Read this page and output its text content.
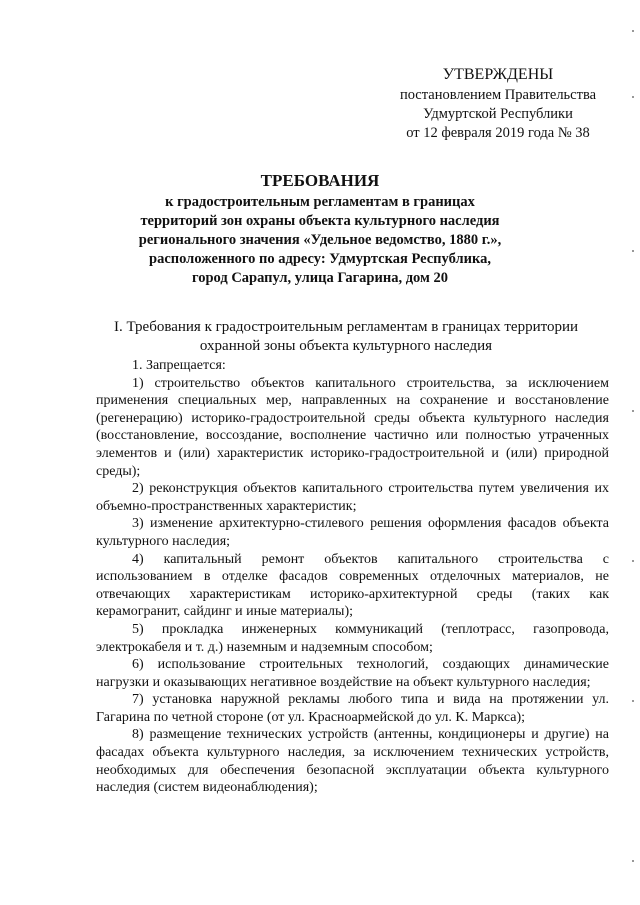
УТВЕРЖДЕНЫ
постановлением Правительства
Удмуртской Республики
от 12 февраля 2019 года № 38
ТРЕБОВАНИЯ
к градостроительным регламентам в границах
территорий зон охраны объекта культурного наследия
регионального значения «Удельное ведомство, 1880 г.»,
расположенного по адресу: Удмуртская Республика,
город Сарапул, улица Гагарина, дом 20
I. Требования к градостроительным регламентам в границах территории
охранной зоны объекта культурного наследия

1. Запрещается:

1) строительство объектов капитального строительства, за исключением применения специальных мер, направленных на сохранение и восстановление (регенерацию) историко-градостроительной среды объекта культурного наследия (восстановление, воссоздание, восполнение частично или полностью утраченных элементов и (или) характеристик историко-градостроительной и (или) природной среды);

2) реконструкция объектов капитального строительства путем увеличения их объемно-пространственных характеристик;

3) изменение архитектурно-стилевого решения оформления фасадов объекта культурного наследия;

4) капитальный ремонт объектов капитального строительства с использованием в отделке фасадов современных отделочных материалов, не отвечающих характеристикам историко-архитектурной среды (таких как керамогранит, сайдинг и иные материалы);

5) прокладка инженерных коммуникаций (теплотрасс, газопровода, электрокабеля и т. д.) наземным и надземным способом;

6) использование строительных технологий, создающих динамические нагрузки и оказывающих негативное воздействие на объект культурного наследия;

7) установка наружной рекламы любого типа и вида на протяжении ул. Гагарина по четной стороне (от ул. Красноармейской до ул. К. Маркса);

8) размещение технических устройств (антенны, кондиционеры и другие) на фасадах объекта культурного наследия, за исключением технических устройств, необходимых для обеспечения безопасной эксплуатации объекта культурного наследия (систем видеонаблюдения);
